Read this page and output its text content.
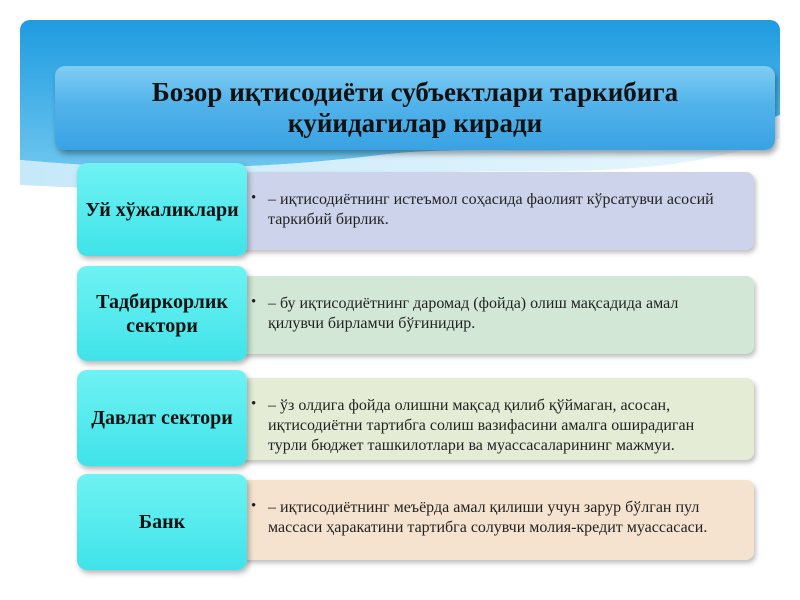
Бозор иқтисодиёти субъектлари таркибига қуйидагилар киради
• – иқтисодиётнинг истеъмол соҳасида фаолият кўрсатувчи асосий таркибий бирлик.
Уй хўжаликлари
• – бу иқтисодиётнинг даромад (фойда) олиш мақсадида амал қилувчи бирламчи бўғинидир.
Тадбиркорлик сектори
• – ўз олдига фойда олишни мақсад қилиб қўймаган, асосан, иқтисодиётни тартибга солиш вазифасини амалга оширадиган турли бюджет ташкилотлари ва муассасаларининг мажмуи.
Давлат сектори
• – иқтисодиётнинг меъёрда амал қилиши учун зарур бўлган пул массаси ҳаракатини тартибга солувчи молия-кредит муассасаси.
Банк
